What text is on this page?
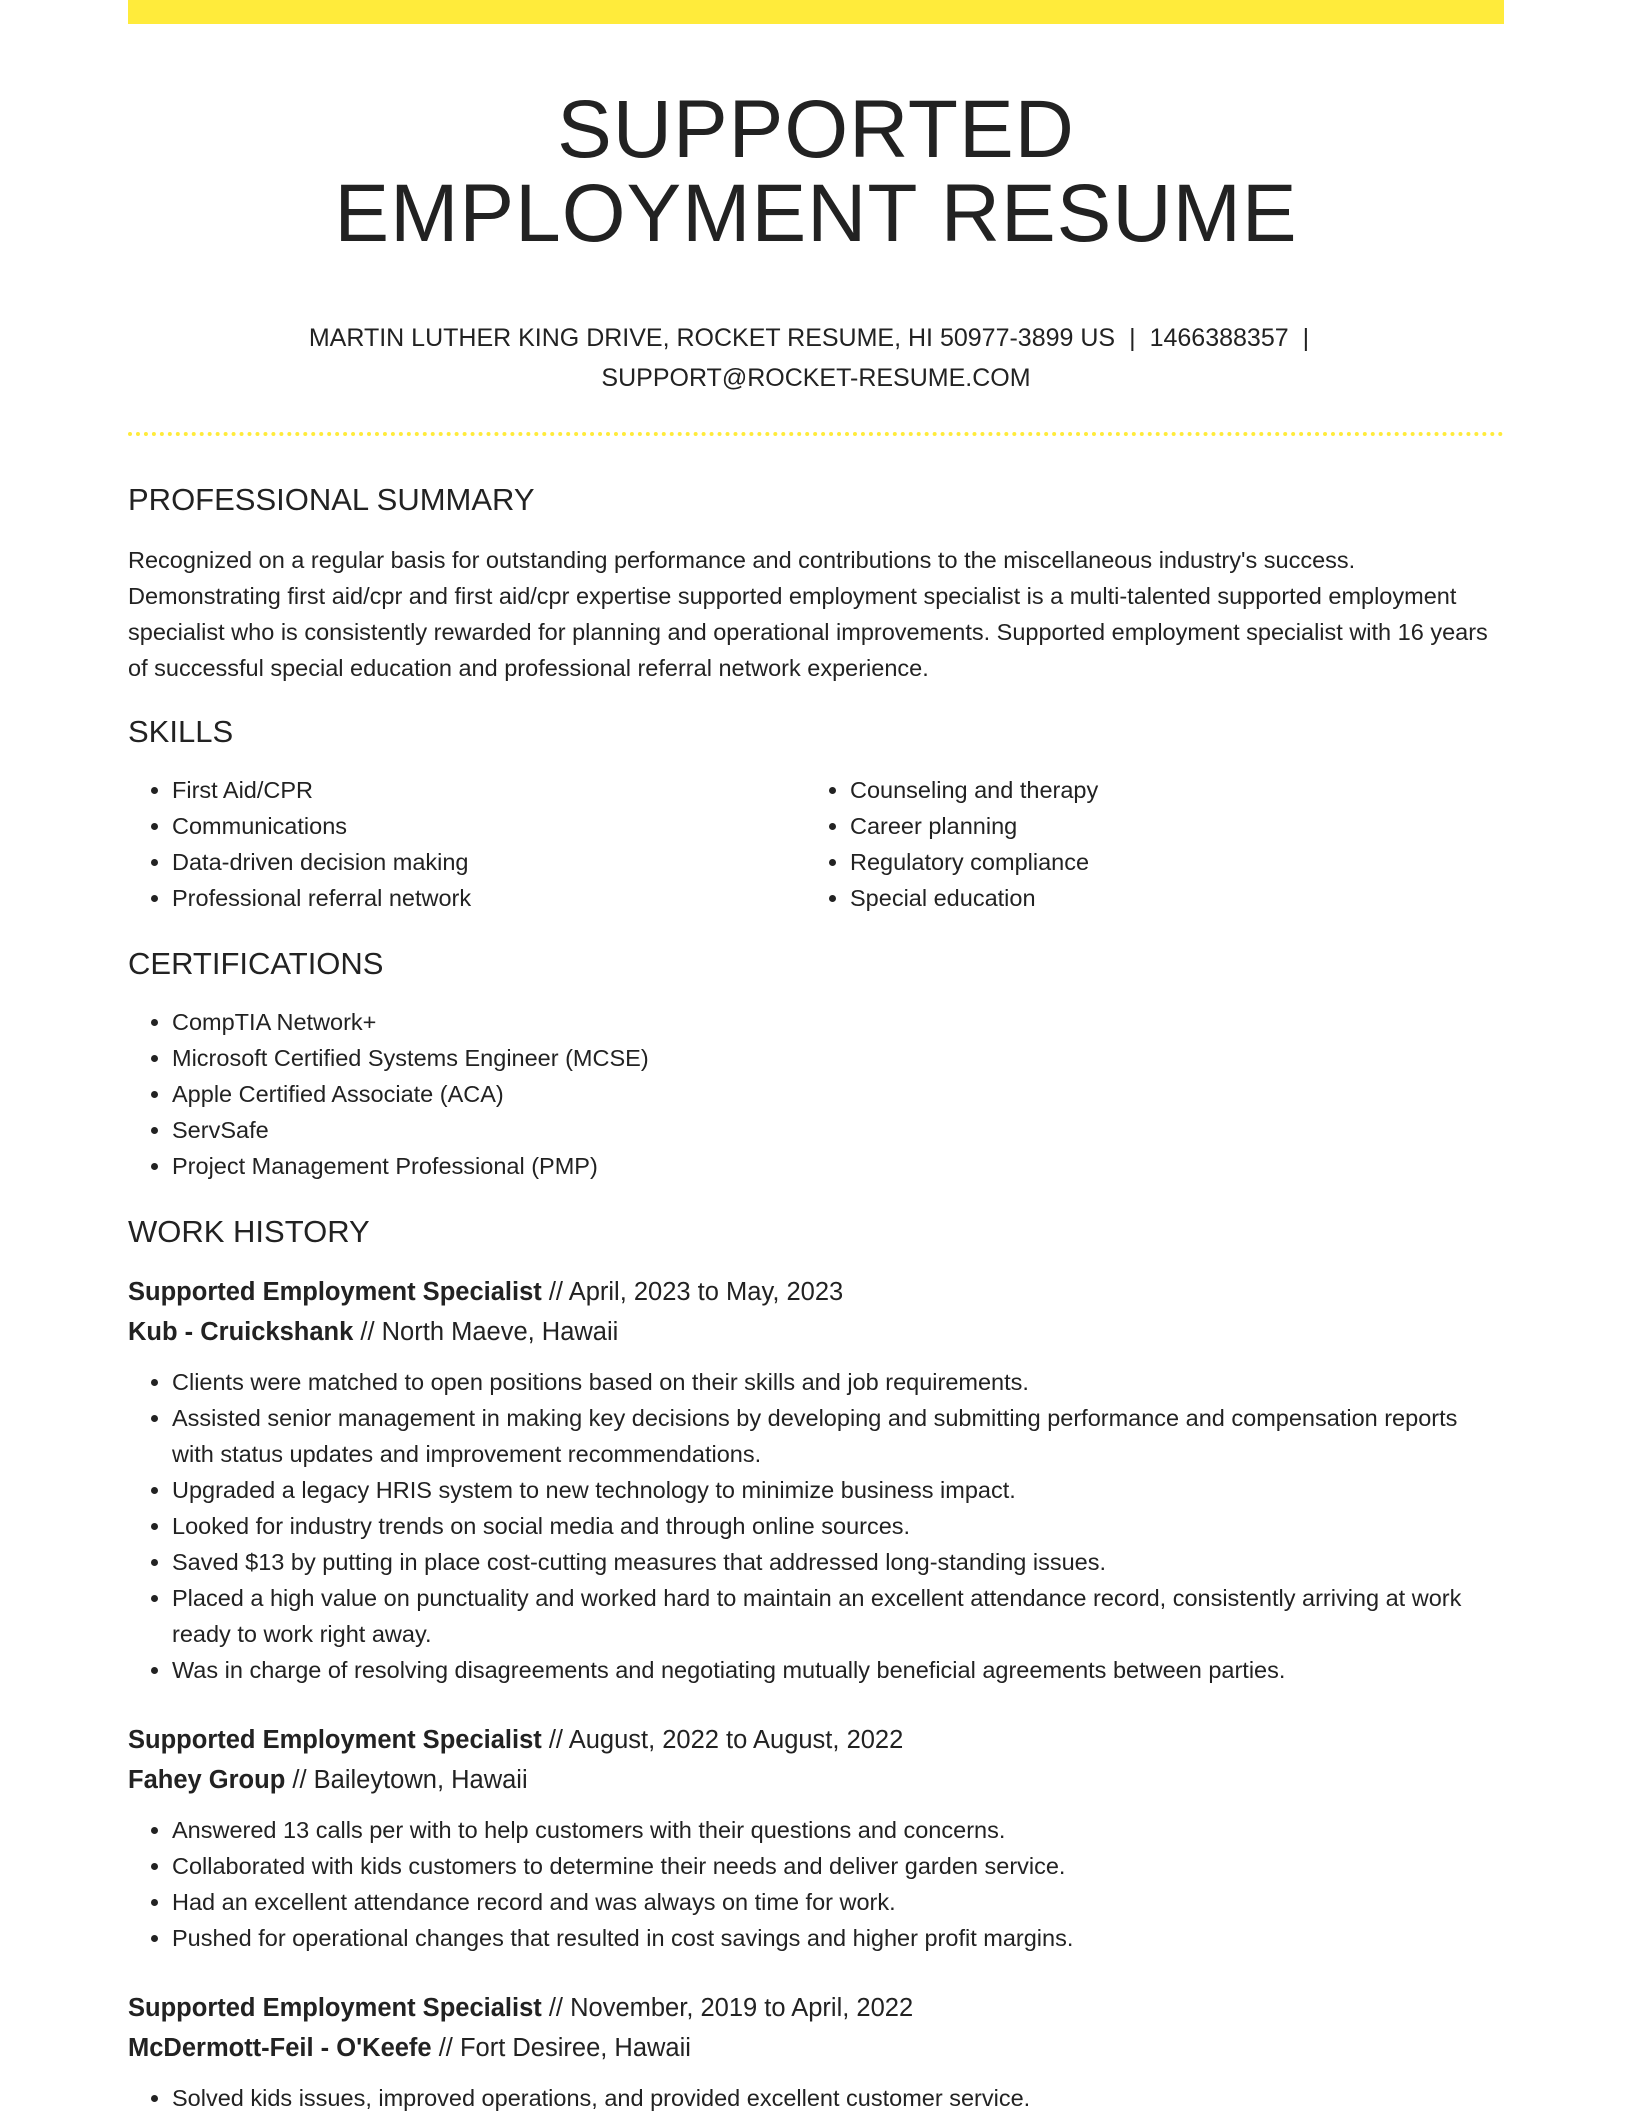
SUPPORTED
EMPLOYMENT RESUME
MARTIN LUTHER KING DRIVE, ROCKET RESUME, HI 50977-3899 US | 1466388357 |
SUPPORT@ROCKET-RESUME.COM
PROFESSIONAL SUMMARY

Recognized on a regular basis for outstanding performance and contributions to the miscellaneous industry's success. Demonstrating first aid/cpr and first aid/cpr expertise supported employment specialist is a multi-talented supported employment specialist who is consistently rewarded for planning and operational improvements. Supported employment specialist with 16 years of successful special education and professional referral network experience.

SKILLS
• First Aid/CPR
• Communications
• Data-driven decision making
• Professional referral network
• Counseling and therapy
• Career planning
• Regulatory compliance
• Special education
CERTIFICATIONS
• CompTIA Network+
• Microsoft Certified Systems Engineer (MCSE)
• Apple Certified Associate (ACA)
• ServSafe
• Project Management Professional (PMP)
WORK HISTORY
Supported Employment Specialist // April, 2023 to May, 2023
Kub - Cruickshank // North Maeve, Hawaii
• Clients were matched to open positions based on their skills and job requirements.
• Assisted senior management in making key decisions by developing and submitting performance and compensation reports with status updates and improvement recommendations.
• Upgraded a legacy HRIS system to new technology to minimize business impact.
• Looked for industry trends on social media and through online sources.
• Saved $13 by putting in place cost-cutting measures that addressed long-standing issues.
• Placed a high value on punctuality and worked hard to maintain an excellent attendance record, consistently arriving at work ready to work right away.
• Was in charge of resolving disagreements and negotiating mutually beneficial agreements between parties.
Supported Employment Specialist // August, 2022 to August, 2022
Fahey Group // Baileytown, Hawaii
• Answered 13 calls per with to help customers with their questions and concerns.
• Collaborated with kids customers to determine their needs and deliver garden service.
• Had an excellent attendance record and was always on time for work.
• Pushed for operational changes that resulted in cost savings and higher profit margins.
Supported Employment Specialist // November, 2019 to April, 2022
McDermott-Feil - O'Keefe // Fort Desiree, Hawaii
• Solved kids issues, improved operations, and provided excellent customer service.
